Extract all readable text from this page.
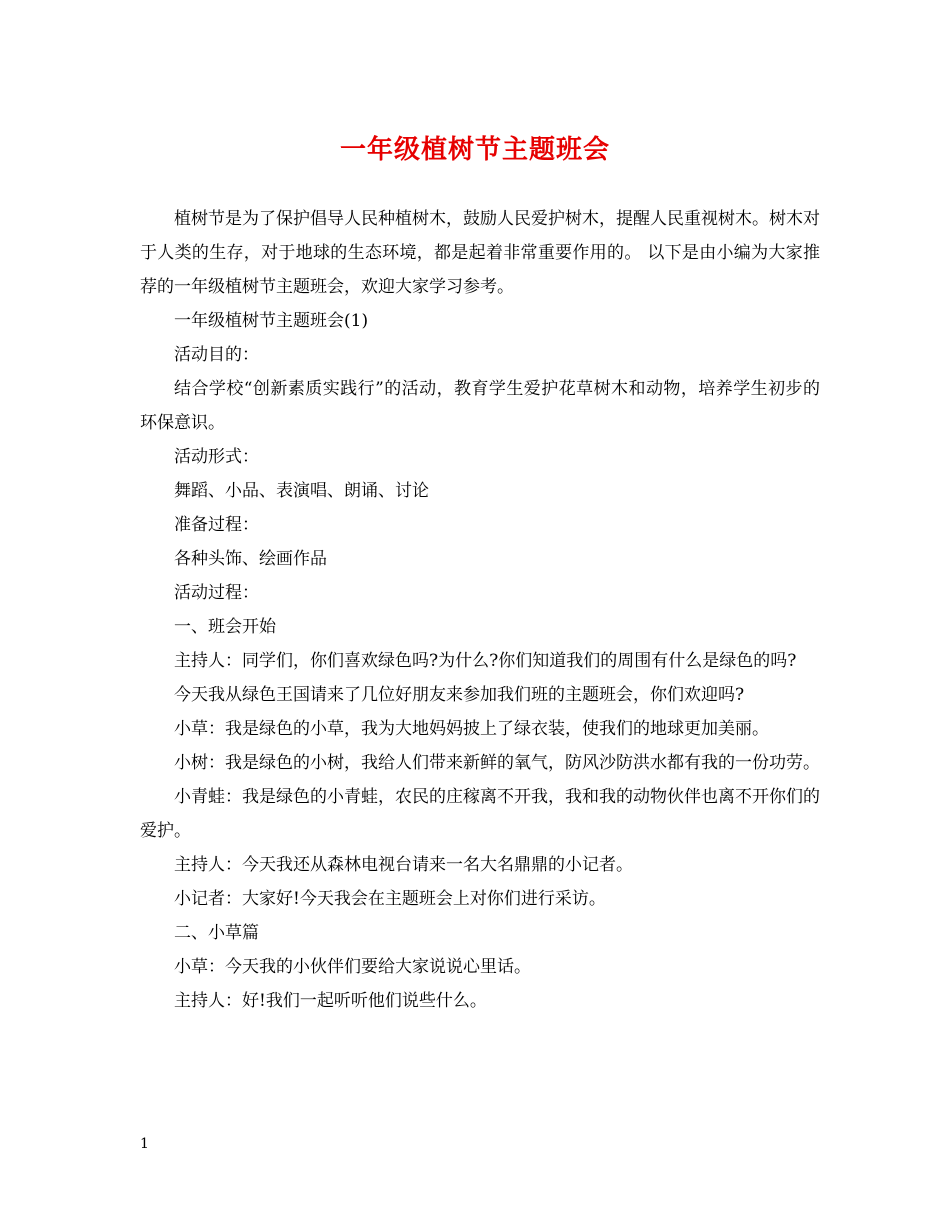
一年级植树节主题班会

植树节是为了保护倡导人民种植树木，鼓励人民爱护树木，提醒人民重视树木。树木对于人类的生存，对于地球的生态环境，都是起着非常重要作用的。 以下是由小编为大家推荐的一年级植树节主题班会，欢迎大家学习参考。

一年级植树节主题班会(1)

活动目的：

结合学校“创新素质实践行”的活动，教育学生爱护花草树木和动物，培养学生初步的环保意识。

活动形式：

舞蹈、小品、表演唱、朗诵、讨论

准备过程：

各种头饰、绘画作品

活动过程：

一、班会开始

主持人：同学们，你们喜欢绿色吗?为什么?你们知道我们的周围有什么是绿色的吗?

今天我从绿色王国请来了几位好朋友来参加我们班的主题班会，你们欢迎吗?

小草：我是绿色的小草，我为大地妈妈披上了绿衣装，使我们的地球更加美丽。

小树：我是绿色的小树，我给人们带来新鲜的氧气，防风沙防洪水都有我的一份功劳。

小青蛙：我是绿色的小青蛙，农民的庄稼离不开我，我和我的动物伙伴也离不开你们的爱护。

主持人：今天我还从森林电视台请来一名大名鼎鼎的小记者。

小记者：大家好!今天我会在主题班会上对你们进行采访。

二、小草篇

小草：今天我的小伙伴们要给大家说说心里话。

主持人：好!我们一起听听他们说些什么。

1
